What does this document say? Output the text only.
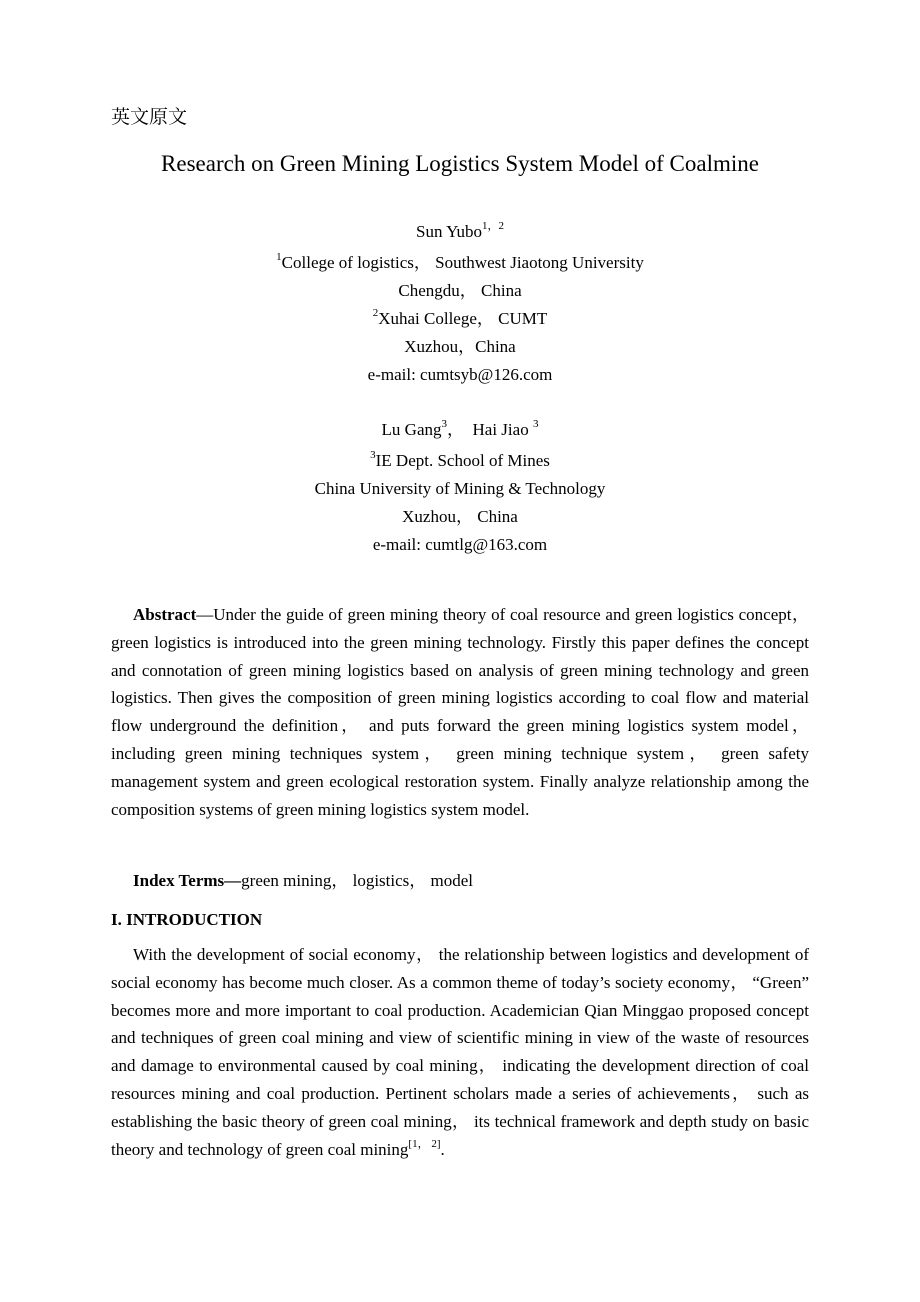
英文原文
Research on Green Mining Logistics System Model of Coalmine
Sun Yubo$^{1,2}$
$^1$College of logistics， Southwest Jiaotong University
Chengdu， China
$^2$Xuhai College， CUMT
Xuzhou，China
e-mail: cumtsyb@126.com
Lu Gang$^3$，  Hai Jiao $^3$
$^3$IE Dept. School of Mines
China University of Mining & Technology
Xuzhou， China
e-mail: cumtlg@163.com

Abstract—Under the guide of green mining theory of coal resource and green logistics concept， green logistics is introduced into the green mining technology. Firstly this paper defines the concept and connotation of green mining logistics based on analysis of green mining technology and green logistics. Then gives the composition of green mining logistics according to coal flow and material flow underground the definition， and puts forward the green mining logistics system model， including green mining techniques system， green mining technique system， green safety management system and green ecological restoration system. Finally analyze relationship among the composition systems of green mining logistics system model.

Index Terms—green mining， logistics， model

I. INTRODUCTION

With the development of social economy， the relationship between logistics and development of social economy has become much closer. As a common theme of today’s society economy， “Green” becomes more and more important to coal production. Academician Qian Minggao proposed concept and techniques of green coal mining and view of scientific mining in view of the waste of resources and damage to environmental caused by coal mining， indicating the development direction of coal resources mining and coal production. Pertinent scholars made a series of achievements， such as establishing the basic theory of green coal mining， its technical framework and depth study on basic theory and technology of green coal mining[1， 2].
